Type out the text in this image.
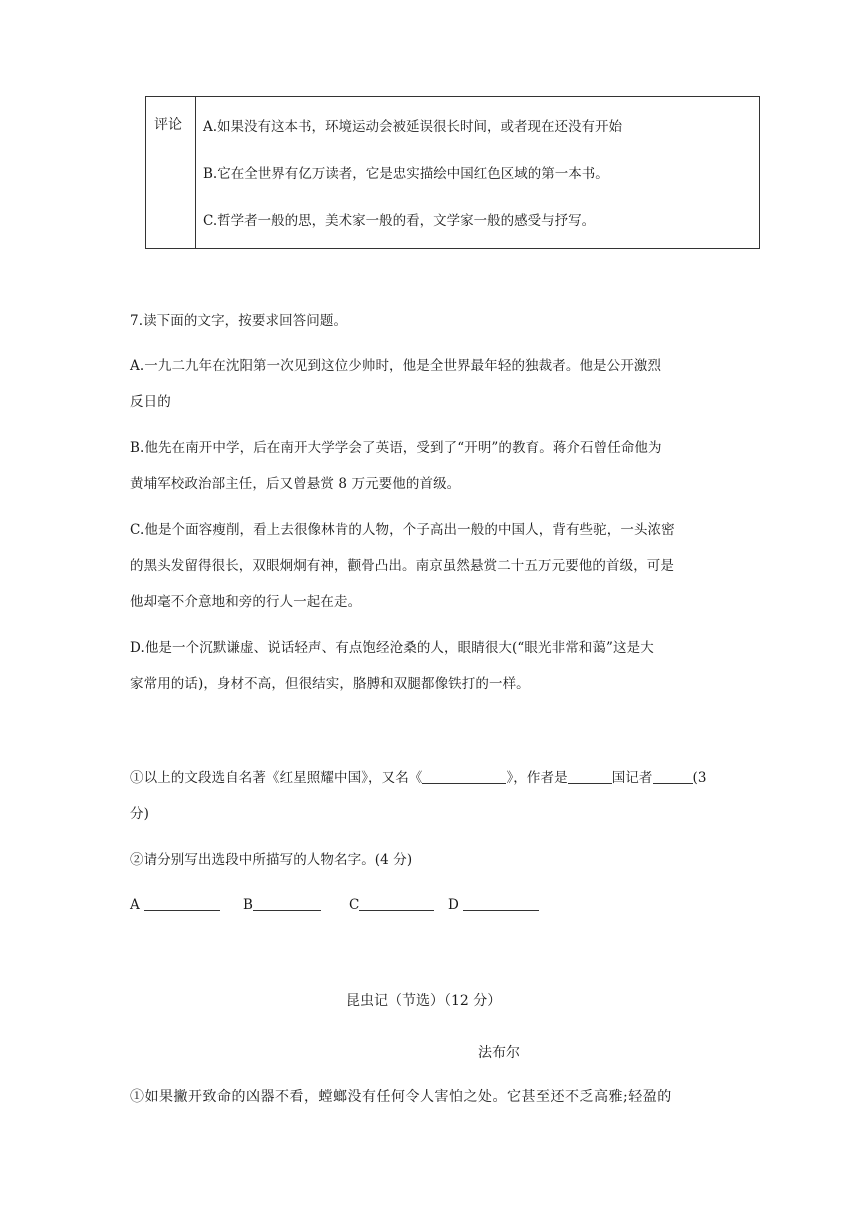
评论 A.如果没有这本书，环境运动会被延误很长时间，或者现在还没有开始
B.它在全世界有亿万读者，它是忠实描绘中国红色区域的第一本书。
C.哲学者一般的思，美术家一般的看，文学家一般的感受与抒写。
7.读下面的文字，按要求回答问题。
A.一九二九年在沈阳第一次见到这位少帅时，他是全世界最年轻的独裁者。他是公开激烈
反日的
B.他先在南开中学，后在南开大学学会了英语，受到了“开明”的教育。蒋介石曾任命他为
黄埔军校政治部主任，后又曾悬赏 8 万元要他的首级。
C.他是个面容瘦削，看上去很像林肯的人物，个子高出一般的中国人，背有些驼，一头浓密
的黑头发留得很长，双眼炯炯有神，颧骨凸出。南京虽然悬赏二十五万元要他的首级，可是
他却毫不介意地和旁的行人一起在走。
D.他是一个沉默谦虚、说话轻声、有点饱经沧桑的人，眼睛很大(“眼光非常和蔼”这是大
家常用的话)，身材不高，但很结实，胳膊和双腿都像铁打的一样。
①以上的文段选自名著《红星照耀中国》，又名《	》，作者是	国记者	(3
分)
②请分别写出选段中所描写的人物名字。(4 分)
A	B	C	D
昆虫记（节选）（12 分）
法布尔
①如果撇开致命的凶器不看，螳螂没有任何令人害怕之处。它甚至还不乏高雅;轻盈的
